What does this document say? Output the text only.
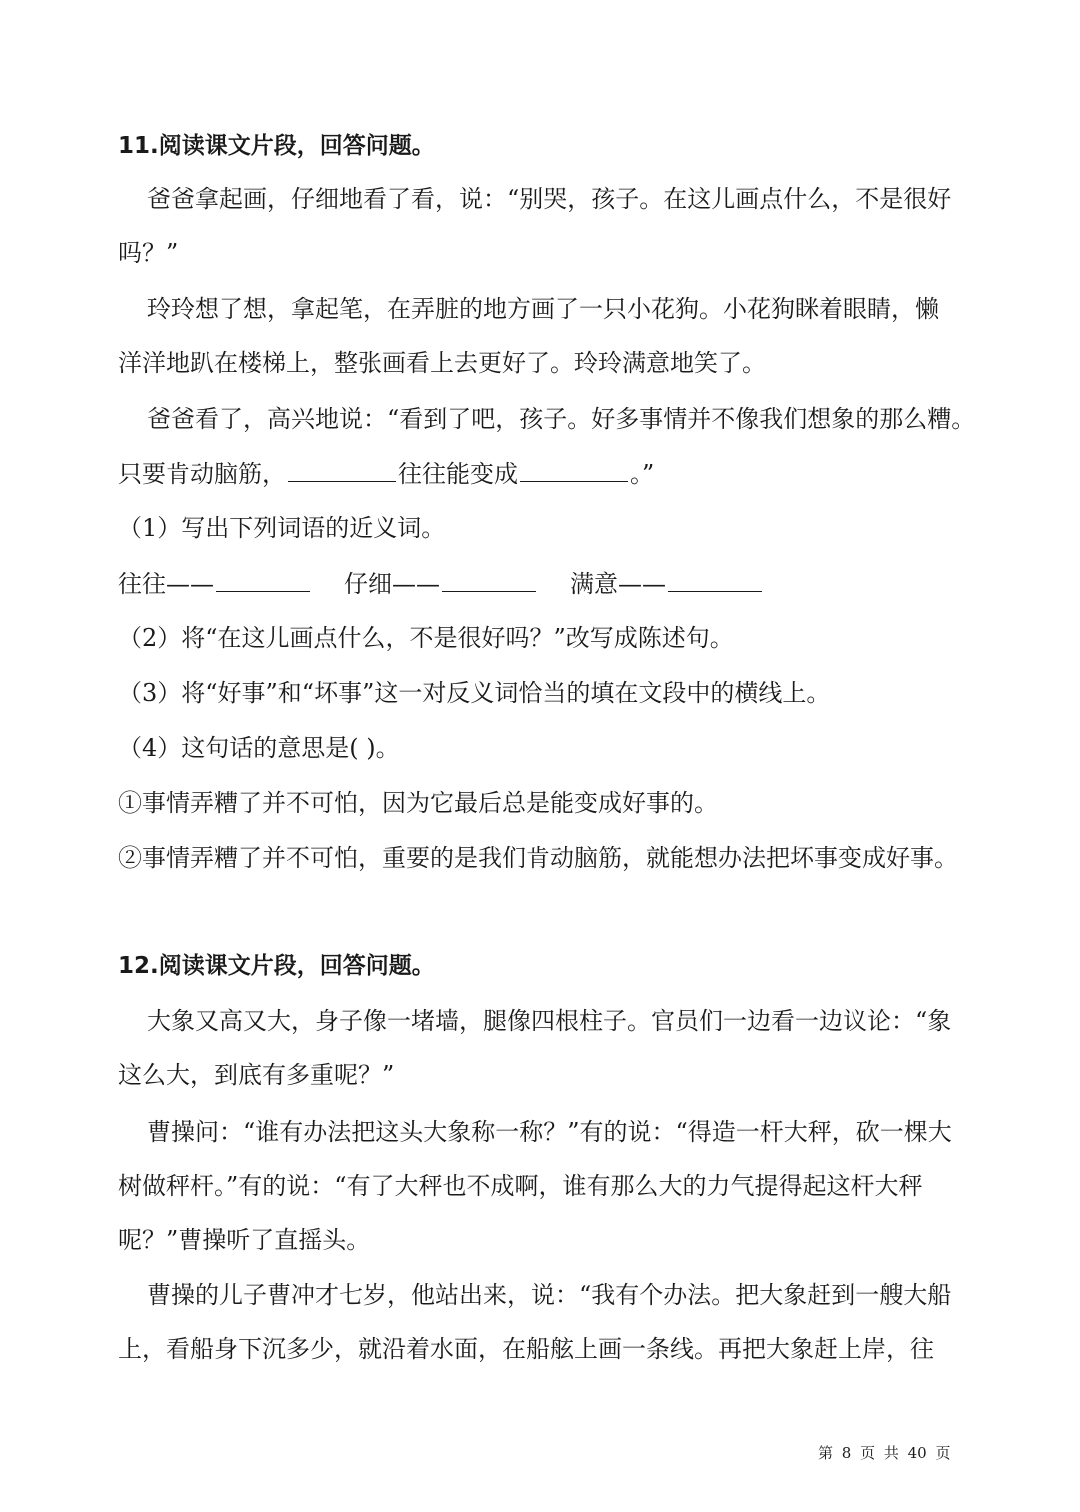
11.阅读课文片段，回答问题。
爸爸拿起画，仔细地看了看，说：“别哭，孩子。在这儿画点什么，不是很好
吗？”
玲玲想了想，拿起笔，在弄脏的地方画了一只小花狗。小花狗眯着眼睛，懒
洋洋地趴在楼梯上，整张画看上去更好了。玲玲满意地笑了。
爸爸看了，高兴地说：“看到了吧，孩子。好多事情并不像我们想象的那么糟。
只要肯动脑筋，	往往能变成	。”
（1）写出下列词语的近义词。
往往——	仔细——	满意——
（2）将“在这儿画点什么，不是很好吗？”改写成陈述句。
（3）将“好事”和“坏事”这一对反义词恰当的填在文段中的横线上。
（4）这句话的意思是( )。
①事情弄糟了并不可怕，因为它最后总是能变成好事的。
②事情弄糟了并不可怕，重要的是我们肯动脑筋，就能想办法把坏事变成好事。
12.阅读课文片段，回答问题。
大象又高又大，身子像一堵墙，腿像四根柱子。官员们一边看一边议论：“象
这么大，到底有多重呢？”
曹操问：“谁有办法把这头大象称一称？”有的说：“得造一杆大秤，砍一棵大
树做秤杆。”有的说：“有了大秤也不成啊，谁有那么大的力气提得起这杆大秤
呢？”曹操听了直摇头。
曹操的儿子曹冲才七岁，他站出来，说：“我有个办法。把大象赶到一艘大船
上，看船身下沉多少，就沿着水面，在船舷上画一条线。再把大象赶上岸，往
第 8 页 共 40 页
